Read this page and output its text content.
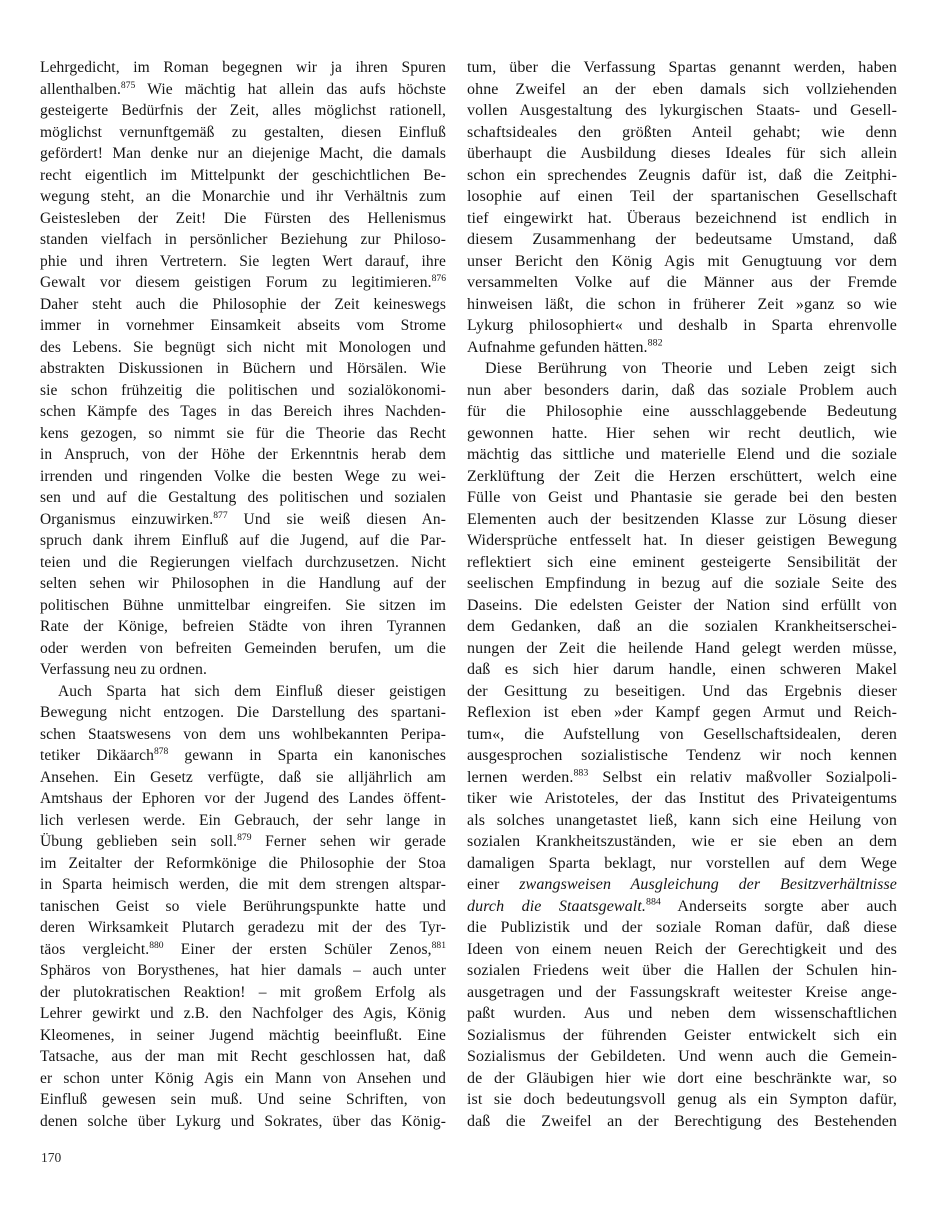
Lehrgedicht, im Roman begegnen wir ja ihren Spuren
allenthalben.$^{875}$ Wie mächtig hat allein das aufs höchste
gesteigerte Bedürfnis der Zeit, alles möglichst rationell,
möglichst vernunftgemäß zu gestalten, diesen Einfluß
gefördert! Man denke nur an diejenige Macht, die damals
recht eigentlich im Mittelpunkt der geschichtlichen Be-
wegung steht, an die Monarchie und ihr Verhältnis zum
Geistesleben der Zeit! Die Fürsten des Hellenismus
standen vielfach in persönlicher Beziehung zur Philoso-
phie und ihren Vertretern. Sie legten Wert darauf, ihre
Gewalt vor diesem geistigen Forum zu legitimieren.$^{876}$
Daher steht auch die Philosophie der Zeit keineswegs
immer in vornehmer Einsamkeit abseits vom Strome
des Lebens. Sie begnügt sich nicht mit Monologen und
abstrakten Diskussionen in Büchern und Hörsälen. Wie
sie schon frühzeitig die politischen und sozialökonomi-
schen Kämpfe des Tages in das Bereich ihres Nachden-
kens gezogen, so nimmt sie für die Theorie das Recht
in Anspruch, von der Höhe der Erkenntnis herab dem
irrenden und ringenden Volke die besten Wege zu wei-
sen und auf die Gestaltung des politischen und sozialen
Organismus einzuwirken.$^{877}$ Und sie weiß diesen An-
spruch dank ihrem Einfluß auf die Jugend, auf die Par-
teien und die Regierungen vielfach durchzusetzen. Nicht
selten sehen wir Philosophen in die Handlung auf der
politischen Bühne unmittelbar eingreifen. Sie sitzen im
Rate der Könige, befreien Städte von ihren Tyrannen
oder werden von befreiten Gemeinden berufen, um die
Verfassung neu zu ordnen.
Auch Sparta hat sich dem Einfluß dieser geistigen
Bewegung nicht entzogen. Die Darstellung des spartani-
schen Staatswesens von dem uns wohlbekannten Peripa-
tetiker Dikäarch$^{878}$ gewann in Sparta ein kanonisches
Ansehen. Ein Gesetz verfügte, daß sie alljährlich am
Amtshaus der Ephoren vor der Jugend des Landes öffent-
lich verlesen werde. Ein Gebrauch, der sehr lange in
Übung geblieben sein soll.$^{879}$ Ferner sehen wir gerade
im Zeitalter der Reformkönige die Philosophie der Stoa
in Sparta heimisch werden, die mit dem strengen altspar-
tanischen Geist so viele Berührungspunkte hatte und
deren Wirksamkeit Plutarch geradezu mit der des Tyr-
täos vergleicht.$^{880}$ Einer der ersten Schüler Zenos,$^{881}$
Sphäros von Borysthenes, hat hier damals – auch unter
der plutokratischen Reaktion! – mit großem Erfolg als
Lehrer gewirkt und z.B. den Nachfolger des Agis, König
Kleomenes, in seiner Jugend mächtig beeinflußt. Eine
Tatsache, aus der man mit Recht geschlossen hat, daß
er schon unter König Agis ein Mann von Ansehen und
Einfluß gewesen sein muß. Und seine Schriften, von
denen solche über Lykurg und Sokrates, über das König-
tum, über die Verfassung Spartas genannt werden, haben
ohne Zweifel an der eben damals sich vollziehenden
vollen Ausgestaltung des lykurgischen Staats- und Gesell-
schaftsideales den größten Anteil gehabt; wie denn
überhaupt die Ausbildung dieses Ideales für sich allein
schon ein sprechendes Zeugnis dafür ist, daß die Zeitphi-
losophie auf einen Teil der spartanischen Gesellschaft
tief eingewirkt hat. Überaus bezeichnend ist endlich in
diesem Zusammenhang der bedeutsame Umstand, daß
unser Bericht den König Agis mit Genugtuung vor dem
versammelten Volke auf die Männer aus der Fremde
hinweisen läßt, die schon in früherer Zeit »ganz so wie
Lykurg philosophiert« und deshalb in Sparta ehrenvolle
Aufnahme gefunden hätten.$^{882}$
Diese Berührung von Theorie und Leben zeigt sich
nun aber besonders darin, daß das soziale Problem auch
für die Philosophie eine ausschlaggebende Bedeutung
gewonnen hatte. Hier sehen wir recht deutlich, wie
mächtig das sittliche und materielle Elend und die soziale
Zerklüftung der Zeit die Herzen erschüttert, welch eine
Fülle von Geist und Phantasie sie gerade bei den besten
Elementen auch der besitzenden Klasse zur Lösung dieser
Widersprüche entfesselt hat. In dieser geistigen Bewegung
reflektiert sich eine eminent gesteigerte Sensibilität der
seelischen Empfindung in bezug auf die soziale Seite des
Daseins. Die edelsten Geister der Nation sind erfüllt von
dem Gedanken, daß an die sozialen Krankheitserschei-
nungen der Zeit die heilende Hand gelegt werden müsse,
daß es sich hier darum handle, einen schweren Makel
der Gesittung zu beseitigen. Und das Ergebnis dieser
Reflexion ist eben »der Kampf gegen Armut und Reich-
tum«, die Aufstellung von Gesellschaftsidealen, deren
ausgesprochen sozialistische Tendenz wir noch kennen
lernen werden.$^{883}$ Selbst ein relativ maßvoller Sozialpoli-
tiker wie Aristoteles, der das Institut des Privateigentums
als solches unangetastet ließ, kann sich eine Heilung von
sozialen Krankheitszuständen, wie er sie eben an dem
damaligen Sparta beklagt, nur vorstellen auf dem Wege
einer zwangsweisen Ausgleichung der Besitzverhältnisse
durch die Staatsgewalt.$^{884}$ Anderseits sorgte aber auch
die Publizistik und der soziale Roman dafür, daß diese
Ideen von einem neuen Reich der Gerechtigkeit und des
sozialen Friedens weit über die Hallen der Schulen hin-
ausgetragen und der Fassungskraft weitester Kreise ange-
paßt wurden. Aus und neben dem wissenschaftlichen
Sozialismus der führenden Geister entwickelt sich ein
Sozialismus der Gebildeten. Und wenn auch die Gemein-
de der Gläubigen hier wie dort eine beschränkte war, so
ist sie doch bedeutungsvoll genug als ein Sympton dafür,
daß die Zweifel an der Berechtigung des Bestehenden
170
